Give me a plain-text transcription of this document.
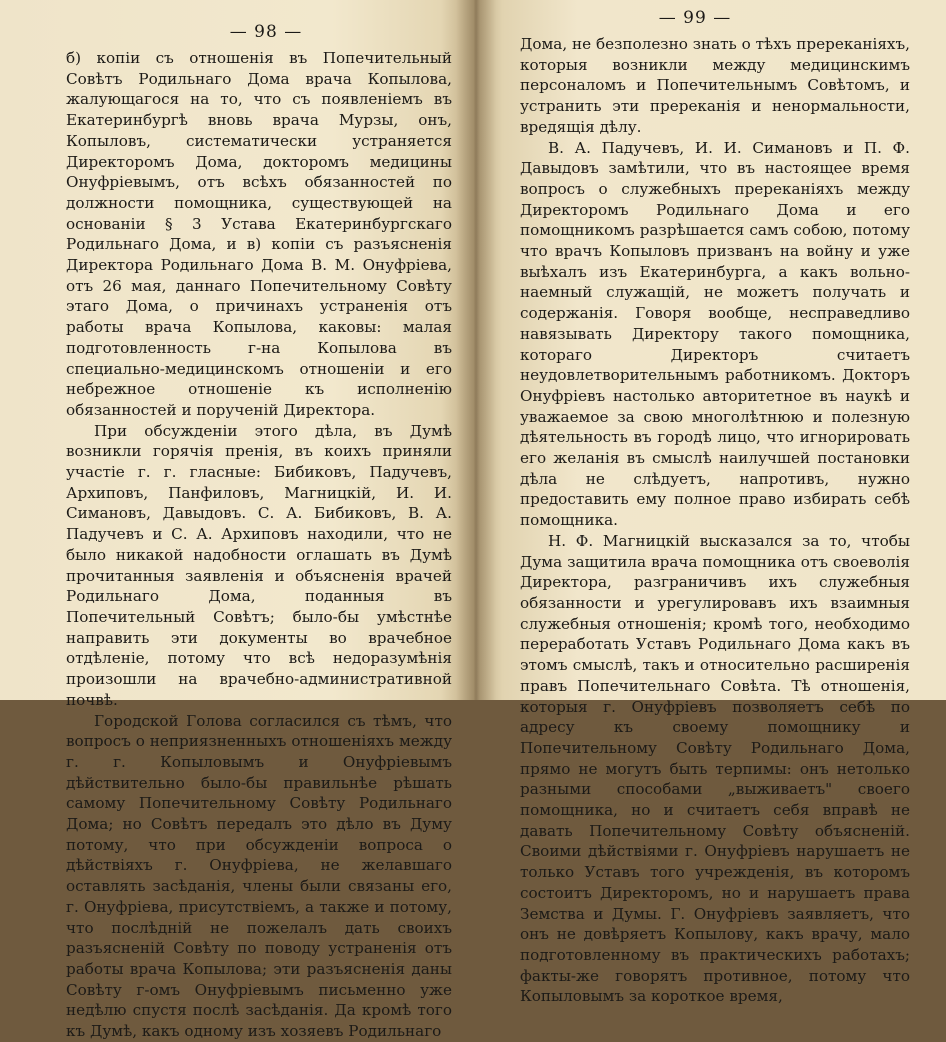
— 98 —

б) копiи съ отношенiя въ Попечительный Совѣтъ Родильнаго Дома врача Копылова, жалующагося на то, что съ появленiемъ въ Екатеринбургѣ вновь врача Мурзы, онъ, Копыловъ, систематически устраняется Директоромъ Дома, докторомъ медицины Онуфрiевымъ, отъ всѣхъ обязанностей по должности помощника, существующей на основанiи § 3 Устава Екатеринбургскаго Родильнаго Дома, и в) копiи съ разъясненiя Директора Родильнаго Дома В. М. Онуфрiева, отъ 26 мая, даннаго Попечительному Совѣту этаго Дома, о причинахъ устраненiя отъ работы врача Копылова, каковы: малая подготовленность г-на Копылова въ специально-медицинскомъ отношенiи и его небрежное отношенiе къ исполненiю обязанностей и порученiй Директора.

При обсужденiи этого дѣла, въ Думѣ возникли горячiя пренiя, въ коихъ приняли участiе г. г. гласные: Бибиковъ, Падучевъ, Архиповъ, Панфиловъ, Магницкiй, И. И. Симановъ, Давыдовъ. С. А. Бибиковъ, В. А. Падучевъ и С. А. Архиповъ находили, что не было никакой надобности оглашать въ Думѣ прочитанныя заявленiя и объясненiя врачей Родильнаго Дома, поданныя въ Попечительный Совѣтъ; было-бы умѣстнѣе направить эти документы во врачебное отдѣленiе, потому что всѣ недоразумѣнiя произошли на врачебно-административной почвѣ.

Городской Голова согласился съ тѣмъ, что вопросъ о неприязненныхъ отношенiяхъ между г. г. Копыловымъ и Онуфрiевымъ дѣйствительно было-бы правильнѣе рѣшать самому Попечительному Совѣту Родильнаго Дома; но Совѣтъ передалъ это дѣло въ Думу потому, что при обсужденiи вопроса о дѣйствiяхъ г. Онуфрiева, не желавшаго оставлять засѣданiя, члены были связаны его, г. Онуфрiева, присутствiемъ, а также и потому, что послѣднiй не пожелалъ дать своихъ разъясненiй Совѣту по поводу устраненiя отъ работы врача Копылова; эти разъясненiя даны Совѣту г-омъ Онуфрiевымъ письменно уже недѣлю спустя послѣ засѣданiя. Да кромѣ того къ Думѣ, какъ одному изъ хозяевъ Родильнаго

— 99 —

Дома, не безполезно знать о тѣхъ пререканiяхъ, которыя возникли между медицинскимъ персоналомъ и Попечительнымъ Совѣтомъ, и устранить эти пререканiя и ненормальности, вредящiя дѣлу.

В. А. Падучевъ, И. И. Симановъ и П. Ф. Давыдовъ замѣтили, что въ настоящее время вопросъ о служебныхъ пререканiяхъ между Директоромъ Родильнаго Дома и его помощникомъ разрѣшается самъ собою, потому что врачъ Копыловъ призванъ на войну и уже выѣхалъ изъ Екатеринбурга, а какъ вольно-наемный служащiй, не можетъ получать и содержанiя. Говоря вообще, несправедливо навязывать Директору такого помощника, котораго Директоръ считаетъ неудовлетворительнымъ работникомъ. Докторъ Онуфрiевъ настолько авторитетное въ наукѣ и уважаемое за свою многолѣтнюю и полезную дѣятельность въ городѣ лицо, что игнорировать его желанiя въ смыслѣ наилучшей постановки дѣла не слѣдуетъ, напротивъ, нужно предоставить ему полное право избирать себѣ помощника.

Н. Ф. Магницкiй высказался за то, чтобы Дума защитила врача помощника отъ своеволiя Директора, разграничивъ ихъ служебныя обязанности и урегулировавъ ихъ взаимныя служебныя отношенiя; кромѣ того, необходимо переработать Уставъ Родильнаго Дома какъ въ этомъ смыслѣ, такъ и относительно расширенiя правъ Попечительнаго Совѣта. Тѣ отношенiя, которыя г. Онуфрiевъ позволяетъ себѣ по адресу къ своему помощнику и Попечительному Совѣту Родильнаго Дома, прямо не могутъ быть терпимы: онъ нетолько разными способами „выживаетъ" своего помощника, но и считаетъ себя вправѣ не давать Попечительному Совѣту объясненiй. Своими дѣйствiями г. Онуфрiевъ нарушаетъ не только Уставъ того учрежденiя, въ которомъ состоитъ Директоромъ, но и нарушаетъ права Земства и Думы. Г. Онуфрiевъ заявляетъ, что онъ не довѣряетъ Копылову, какъ врачу, мало подготовленному въ практическихъ работахъ; факты-же говорятъ противное, потому что Копыловымъ за короткое время,
